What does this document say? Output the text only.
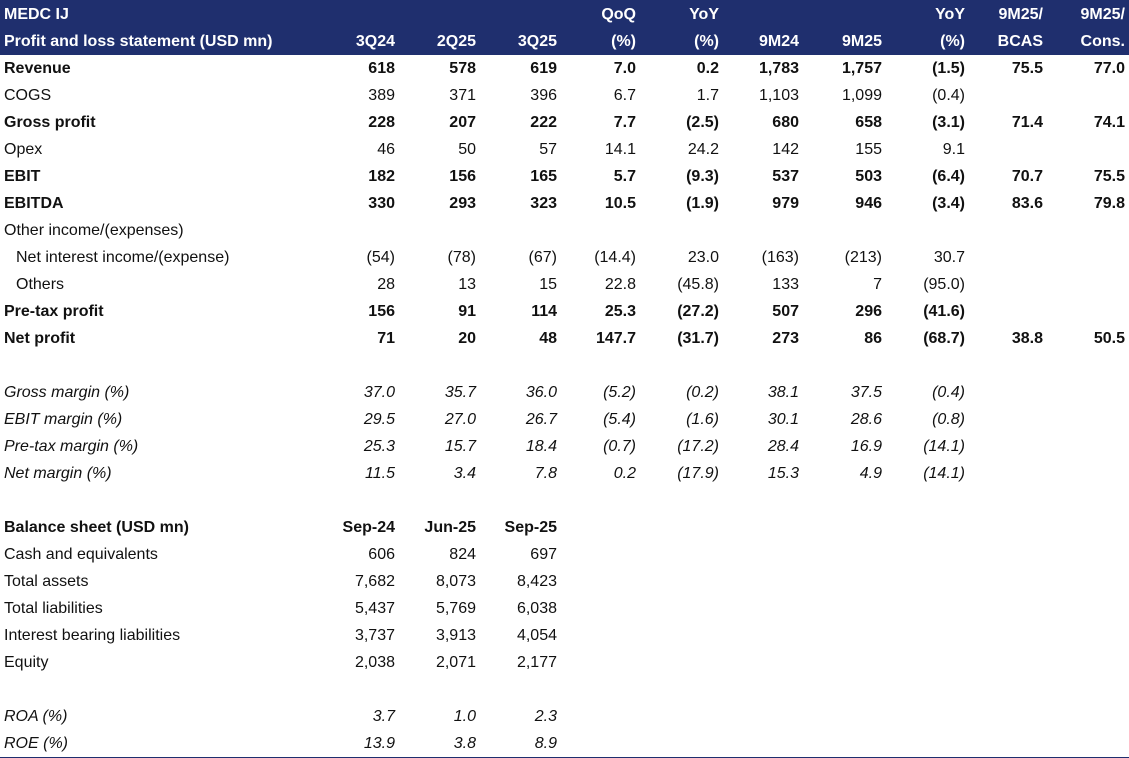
MEDC IJ				QoQ	YoY			YoY	9M25/	9M25/
Profit and loss statement (USD mn)	3Q24	2Q25	3Q25	(%)	(%)	9M24	9M25	(%)	BCAS	Cons.
Revenue	618	578	619	7.0	0.2	1,783	1,757	(1.5)	75.5	77.0
COGS	389	371	396	6.7	1.7	1,103	1,099	(0.4)		
Gross profit	228	207	222	7.7	(2.5)	680	658	(3.1)	71.4	74.1
Opex	46	50	57	14.1	24.2	142	155	9.1		
EBIT	182	156	165	5.7	(9.3)	537	503	(6.4)	70.7	75.5
EBITDA	330	293	323	10.5	(1.9)	979	946	(3.4)	83.6	79.8
Other income/(expenses)										
Net interest income/(expense)	(54)	(78)	(67)	(14.4)	23.0	(163)	(213)	30.7		
Others	28	13	15	22.8	(45.8)	133	7	(95.0)		
Pre-tax profit	156	91	114	25.3	(27.2)	507	296	(41.6)		
Net profit	71	20	48	147.7	(31.7)	273	86	(68.7)	38.8	50.5

Gross margin (%)	37.0	35.7	36.0	(5.2)	(0.2)	38.1	37.5	(0.4)		
EBIT margin (%)	29.5	27.0	26.7	(5.4)	(1.6)	30.1	28.6	(0.8)		
Pre-tax margin (%)	25.3	15.7	18.4	(0.7)	(17.2)	28.4	16.9	(14.1)		
Net margin (%)	11.5	3.4	7.8	0.2	(17.9)	15.3	4.9	(14.1)		

Balance sheet (USD mn)	Sep-24	Jun-25	Sep-25							
Cash and equivalents	606	824	697							
Total assets	7,682	8,073	8,423							
Total liabilities	5,437	5,769	6,038							
Interest bearing liabilities	3,737	3,913	4,054							
Equity	2,038	2,071	2,177							

ROA (%)	3.7	1.0	2.3							
ROE (%)	13.9	3.8	8.9							
